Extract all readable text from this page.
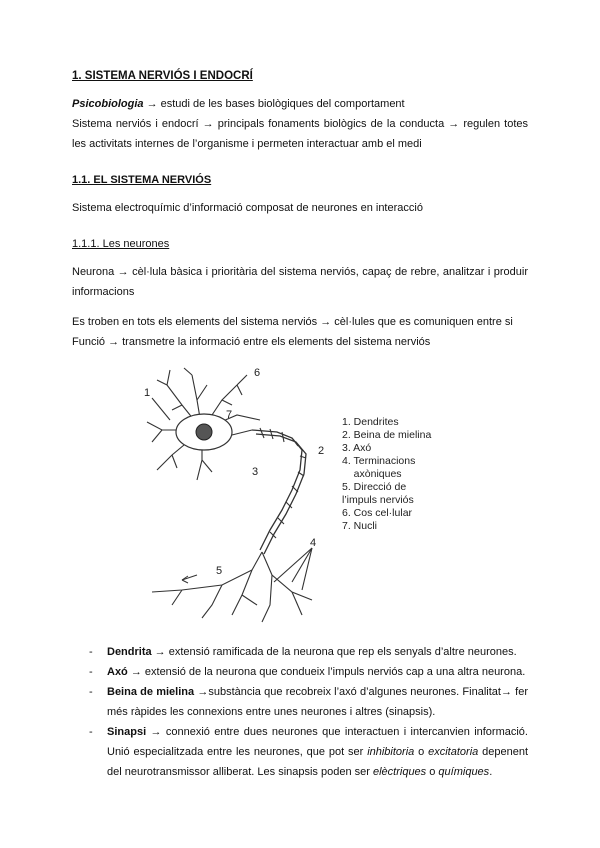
1. SISTEMA NERVIÓS I ENDOCRÍ

Psicobiologia → estudi de les bases biològiques del comportament

Sistema nerviós i endocrí → principals fonaments biològics de la conducta → regulen totes les activitats internes de l’organisme i permeten interactuar amb el medi

1.1. EL SISTEMA NERVIÓS

Sistema electroquímic d’informació composat de neurones en interacció

1.1.1. Les neurones

Neurona → cèl·lula bàsica i prioritària del sistema nerviós, capaç de rebre, analitzar i produir informacions

Es troben en tots els elements del sistema nerviós → cèl·lules que es comuniquen entre si
Funció → transmetre la informació entre els elements del sistema nerviós

1
2
3
4
5
6
7
1. Dendrites
2. Beina de mielina
3. Axó
4. Terminacions
axòniques
5. Direcció de
l’impuls nerviós
6. Cos cel·lular
7. Nucli
- Dendrita → extensió ramificada de la neurona que rep els senyals d’altre neurones.
- Axó → extensió de la neurona que condueix l’impuls nerviós cap a una altra neurona.
- Beina de mielina →substància que recobreix l’axó d’algunes neurones. Finalitat→ fer més ràpides les connexions entre unes neurones i altres (sinapsis).
- Sinapsi → connexió entre dues neurones que interactuen i intercanvien informació. Unió especialitzada entre les neurones, que pot ser inhibitoria o excitatoria depenent del neurotransmissor alliberat. Les sinapsis poden ser elèctriques o químiques.
